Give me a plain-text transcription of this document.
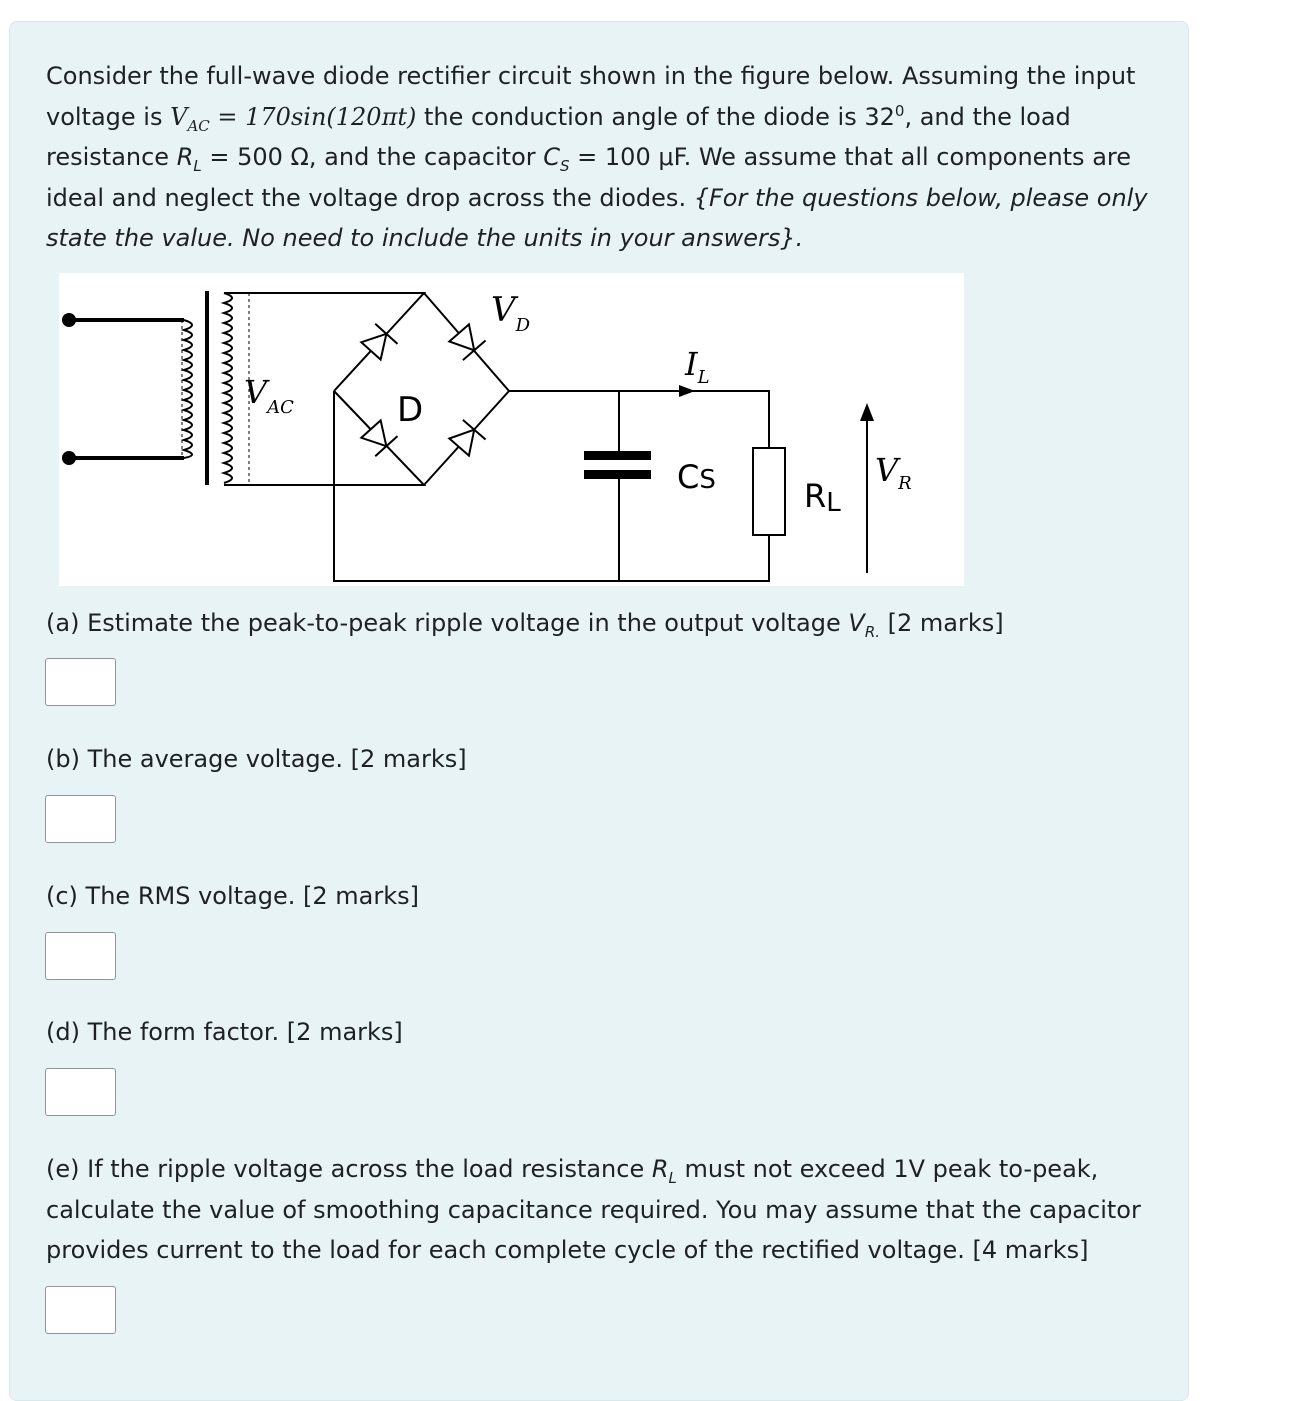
Consider the full-wave diode rectifier circuit shown in the figure below. Assuming the input voltage is $V_{AC} = 170\sin(120\pi t)$ the conduction angle of the diode is $32^0$, and the load resistance $R_L = 500$ Ω, and the capacitor $C_S = 100$ μF. We assume that all components are ideal and neglect the voltage drop across the diodes. {For the questions below, please only state the value. No need to include the units in your answers}.

$V_D$
$V_{AC}$	D
$I_L$
CS	RL
$V_R$

(a) Estimate the peak-to-peak ripple voltage in the output voltage $V_{R.}$ [2 marks]

(b) The average voltage. [2 marks]

(c) The RMS voltage. [2 marks]

(d) The form factor. [2 marks]

(e) If the ripple voltage across the load resistance $R_L$ must not exceed 1V peak to-peak, calculate the value of smoothing capacitance required. You may assume that the capacitor provides current to the load for each complete cycle of the rectified voltage. [4 marks]
